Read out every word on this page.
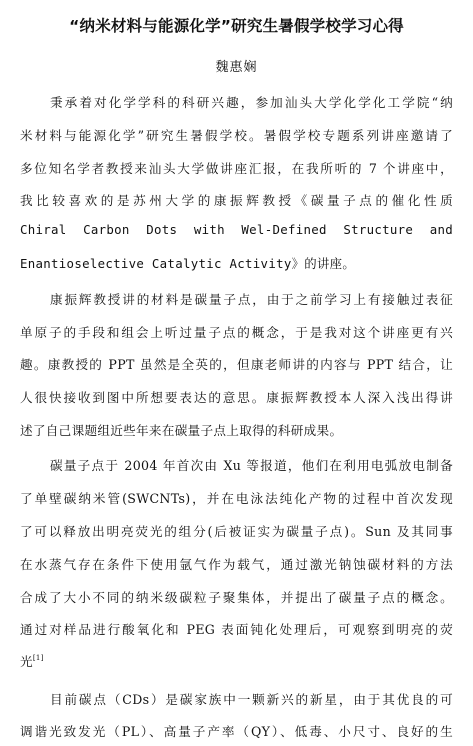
“纳米材料与能源化学”研究生暑假学校学习心得
魏惠娴
秉承着对化学学科的科研兴趣，参加汕头大学化学化工学院“纳
米材料与能源化学”研究生暑假学校。暑假学校专题系列讲座邀请了
多位知名学者教授来汕头大学做讲座汇报，在我所听的 7 个讲座中，
我比较喜欢的是苏州大学的康振辉教授《碳量子点的催化性质
Chiral Carbon Dots with Wel-Defined Structure and
Enantioselective Catalytic Activity》的讲座。
康振辉教授讲的材料是碳量子点，由于之前学习上有接触过表征
单原子的手段和组会上听过量子点的概念，于是我对这个讲座更有兴
趣。康教授的 PPT 虽然是全英的，但康老师讲的内容与 PPT 结合，让
人很快接收到图中所想要表达的意思。康振辉教授本人深入浅出得讲
述了自己课题组近些年来在碳量子点上取得的科研成果。
碳量子点于 2004 年首次由 Xu 等报道，他们在利用电弧放电制备
了单壁碳纳米管(SWCNTs)，并在电泳法纯化产物的过程中首次发现
了可以释放出明亮荧光的组分(后被证实为碳量子点)。Sun 及其同事
在水蒸气存在条件下使用氩气作为载气，通过激光钠蚀碳材料的方法
合成了大小不同的纳米级碳粒子聚集体，并提出了碳量子点的概念。
通过对样品进行酸氧化和 PEG 表面钝化处理后，可观察到明亮的荧
光[1]
目前碳点（CDs）是碳家族中一颗新兴的新星，由于其优良的可
调谐光致发光（PL）、高量子产率（QY）、低毒、小尺寸、良好的生
